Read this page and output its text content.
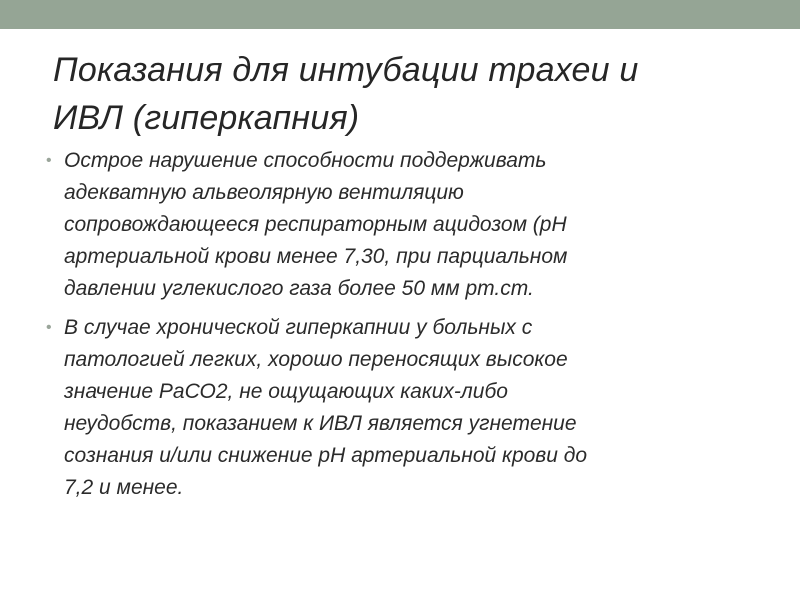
Показания для интубации трахеи и
ИВЛ (гиперкапния)
• Острое нарушение способности поддерживать
адекватную альвеолярную вентиляцию
сопровождающееся респираторным ацидозом (рН
артериальной крови менее 7,30, при парциальном
давлении углекислого газа более 50 мм рт.ст.
• В случае хронической гиперкапнии у больных с
патологией легких, хорошо переносящих высокое
значение РаСО2, не ощущающих каких-либо
неудобств, показанием к ИВЛ является угнетение
сознания и/или снижение рН артериальной крови до
7,2 и менее.
